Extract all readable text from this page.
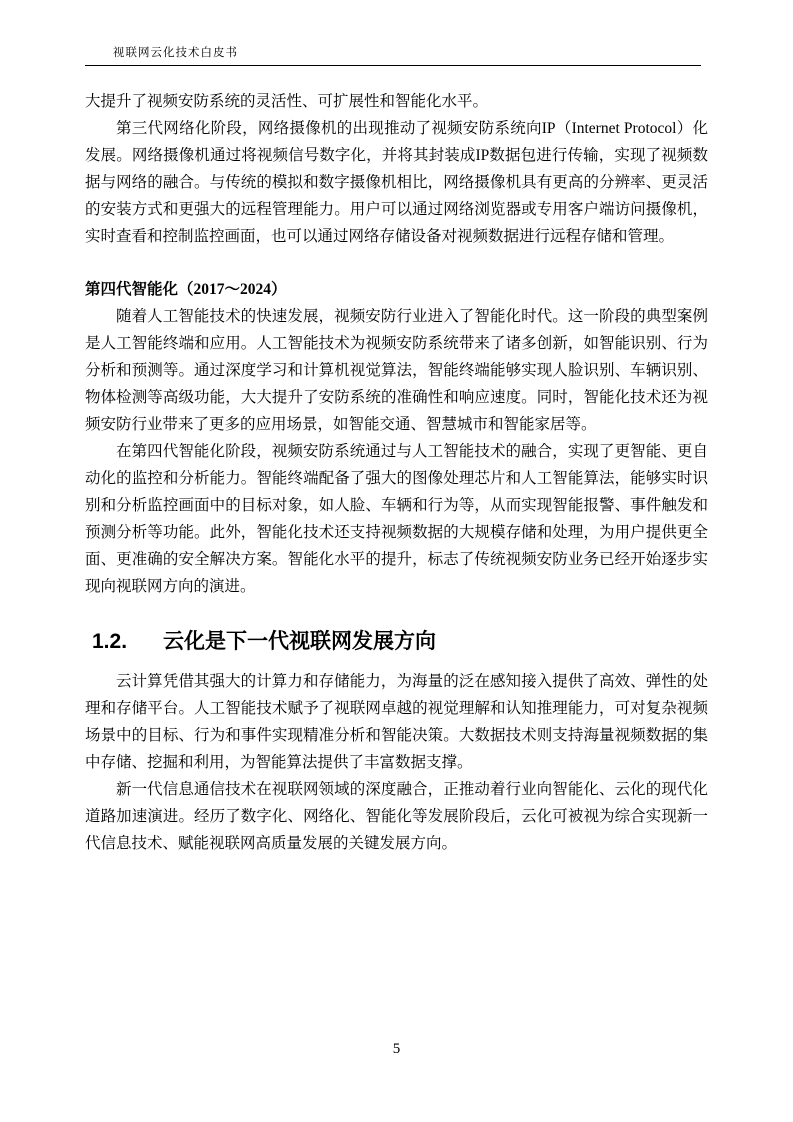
视联网云化技术白皮书

大提升了视频安防系统的灵活性、可扩展性和智能化水平。

第三代网络化阶段，网络摄像机的出现推动了视频安防系统向IP（Internet Protocol）化发展。网络摄像机通过将视频信号数字化，并将其封装成IP数据包进行传输，实现了视频数据与网络的融合。与传统的模拟和数字摄像机相比，网络摄像机具有更高的分辨率、更灵活的安装方式和更强大的远程管理能力。用户可以通过网络浏览器或专用客户端访问摄像机，实时查看和控制监控画面，也可以通过网络存储设备对视频数据进行远程存储和管理。

第四代智能化（2017～2024）

随着人工智能技术的快速发展，视频安防行业进入了智能化时代。这一阶段的典型案例是人工智能终端和应用。人工智能技术为视频安防系统带来了诸多创新，如智能识别、行为分析和预测等。通过深度学习和计算机视觉算法，智能终端能够实现人脸识别、车辆识别、物体检测等高级功能，大大提升了安防系统的准确性和响应速度。同时，智能化技术还为视频安防行业带来了更多的应用场景，如智能交通、智慧城市和智能家居等。

在第四代智能化阶段，视频安防系统通过与人工智能技术的融合，实现了更智能、更自动化的监控和分析能力。智能终端配备了强大的图像处理芯片和人工智能算法，能够实时识别和分析监控画面中的目标对象，如人脸、车辆和行为等，从而实现智能报警、事件触发和预测分析等功能。此外，智能化技术还支持视频数据的大规模存储和处理，为用户提供更全面、更准确的安全解决方案。智能化水平的提升，标志了传统视频安防业务已经开始逐步实现向视联网方向的演进。

1.2. 云化是下一代视联网发展方向

云计算凭借其强大的计算力和存储能力，为海量的泛在感知接入提供了高效、弹性的处理和存储平台。人工智能技术赋予了视联网卓越的视觉理解和认知推理能力，可对复杂视频场景中的目标、行为和事件实现精准分析和智能决策。大数据技术则支持海量视频数据的集中存储、挖掘和利用，为智能算法提供了丰富数据支撑。

新一代信息通信技术在视联网领域的深度融合，正推动着行业向智能化、云化的现代化道路加速演进。经历了数字化、网络化、智能化等发展阶段后，云化可被视为综合实现新一代信息技术、赋能视联网高质量发展的关键发展方向。

5
